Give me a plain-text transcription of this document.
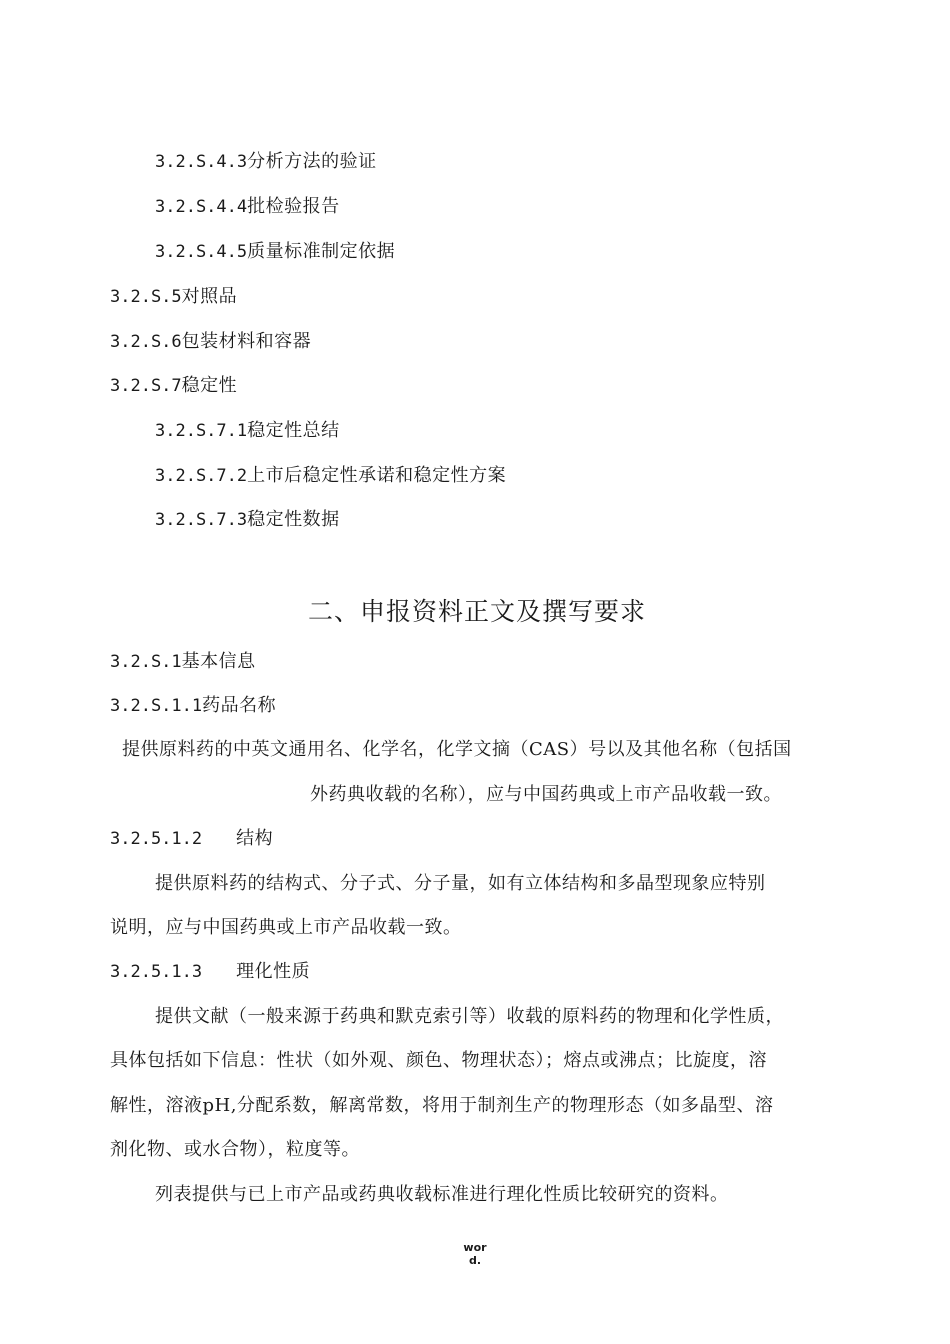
3.2.S.4.3分析方法的验证
3.2.S.4.4批检验报告
3.2.S.4.5质量标准制定依据
3.2.S.5对照品
3.2.S.6包装材料和容器
3.2.S.7稳定性
3.2.S.7.1稳定性总结
3.2.S.7.2上市后稳定性承诺和稳定性方案
3.2.S.7.3稳定性数据
二、申报资料正文及撰写要求
3.2.S.1基本信息
3.2.S.1.1药品名称
提供原料药的中英文通用名、化学名，化学文摘（CAS）号以及其他名称（包括国
外药典收载的名称），应与中国药典或上市产品收载一致。
3.2.5.1.2 结构
提供原料药的结构式、分子式、分子量，如有立体结构和多晶型现象应特别
说明，应与中国药典或上市产品收载一致。
3.2.5.1.3 理化性质
提供文献（一般来源于药典和默克索引等）收载的原料药的物理和化学性质，
具体包括如下信息：性状（如外观、颜色、物理状态）；熔点或沸点；比旋度，溶
解性，溶液pH,分配系数，解离常数，将用于制剂生产的物理形态（如多晶型、溶
剂化物、或水合物），粒度等。
列表提供与已上市产品或药典收载标准进行理化性质比较研究的资料。
wor
d.
